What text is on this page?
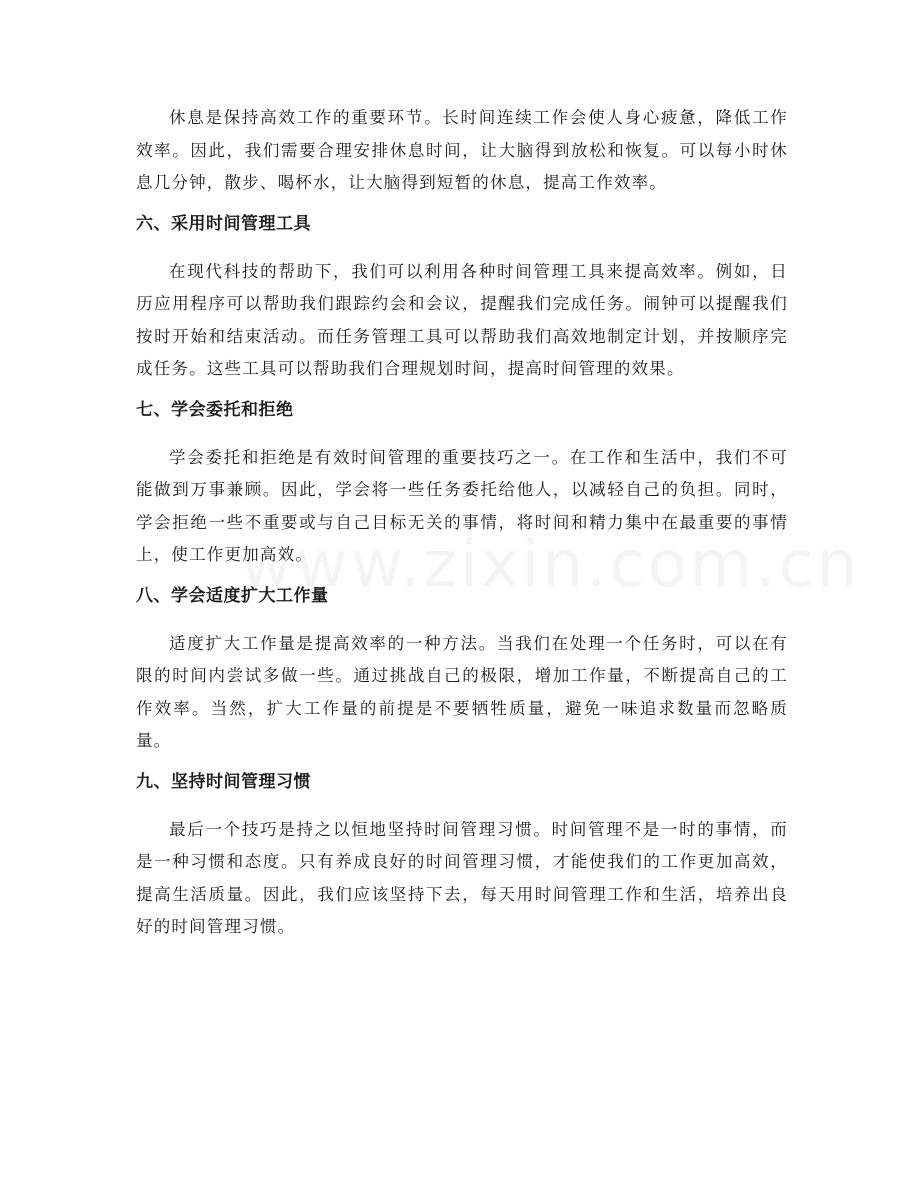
休息是保持高效工作的重要环节。长时间连续工作会使人身心疲惫，降低工作效率。因此，我们需要合理安排休息时间，让大脑得到放松和恢复。可以每小时休息几分钟，散步、喝杯水，让大脑得到短暂的休息，提高工作效率。

六、采用时间管理工具

在现代科技的帮助下，我们可以利用各种时间管理工具来提高效率。例如，日历应用程序可以帮助我们跟踪约会和会议，提醒我们完成任务。闹钟可以提醒我们按时开始和结束活动。而任务管理工具可以帮助我们高效地制定计划，并按顺序完成任务。这些工具可以帮助我们合理规划时间，提高时间管理的效果。

七、学会委托和拒绝

学会委托和拒绝是有效时间管理的重要技巧之一。在工作和生活中，我们不可能做到万事兼顾。因此，学会将一些任务委托给他人，以减轻自己的负担。同时，学会拒绝一些不重要或与自己目标无关的事情，将时间和精力集中在最重要的事情上，使工作更加高效。

八、学会适度扩大工作量

适度扩大工作量是提高效率的一种方法。当我们在处理一个任务时，可以在有限的时间内尝试多做一些。通过挑战自己的极限，增加工作量，不断提高自己的工作效率。当然，扩大工作量的前提是不要牺牲质量，避免一味追求数量而忽略质量。

九、坚持时间管理习惯

最后一个技巧是持之以恒地坚持时间管理习惯。时间管理不是一时的事情，而是一种习惯和态度。只有养成良好的时间管理习惯，才能使我们的工作更加高效，提高生活质量。因此，我们应该坚持下去，每天用时间管理工作和生活，培养出良好的时间管理习惯。
